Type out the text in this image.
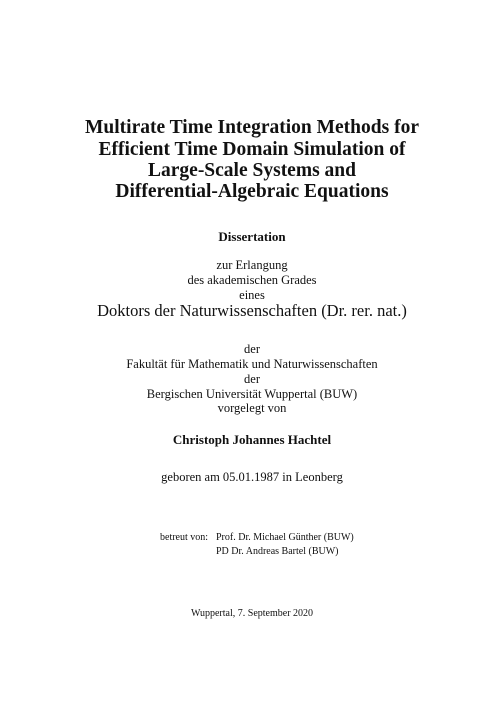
Multirate Time Integration Methods for

Efficient Time Domain Simulation of

Large-Scale Systems and

Differential-Algebraic Equations

Dissertation

zur Erlangung

des akademischen Grades

eines

Doktors der Naturwissenschaften (Dr. rer. nat.)

der

Fakultät für Mathematik und Naturwissenschaften

der

Bergischen Universität Wuppertal (BUW)

vorgelegt von

Christoph Johannes Hachtel

geboren am 05.01.1987 in Leonberg

betreut von: Prof. Dr. Michael Günther (BUW)
PD Dr. Andreas Bartel (BUW)

Wuppertal, 7. September 2020
